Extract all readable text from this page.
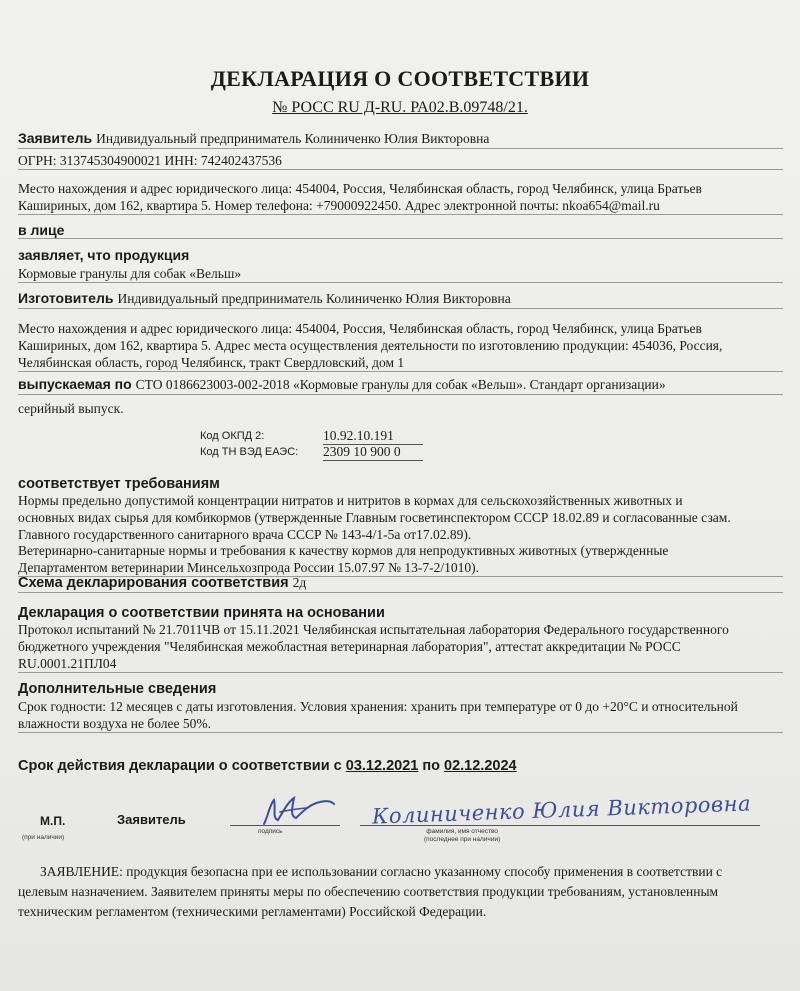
ДЕКЛАРАЦИЯ О СООТВЕТСТВИИ
№ РОСС RU Д-RU. РА02.В.09748/21.
Заявитель Индивидуальный предприниматель Колиниченко Юлия Викторовна
ОГРН: 313745304900021 ИНН: 742402437536
Место нахождения и адрес юридического лица: 454004, Россия, Челябинская область, город Челябинск, улица Братьев
Кашириных, дом 162, квартира 5. Номер телефона: +79000922450. Адрес электронной почты: nkoa654@mail.ru
в лице
заявляет, что продукция
Кормовые гранулы для собак «Вельш»
Изготовитель Индивидуальный предприниматель Колиниченко Юлия Викторовна
Место нахождения и адрес юридического лица: 454004, Россия, Челябинская область, город Челябинск, улица Братьев
Кашириных, дом 162, квартира 5. Адрес места осуществления деятельности по изготовлению продукции: 454036, Россия,
Челябинская область, город Челябинск, тракт Свердловский, дом 1
выпускаемая по СТО 0186623003-002-2018 «Кормовые гранулы для собак «Вельш». Стандарт организации»
серийный выпуск.
Код ОКПД 2:	10.92.10.191
Код ТН ВЭД ЕАЭС: 2309 10 900 0
соответствует требованиям
Нормы предельно допустимой концентрации нитратов и нитритов в кормах для сельскохозяйственных животных и
основных видах сырья для комбикормов (утвержденные Главным госветинспектором СССР 18.02.89 и согласованные сзам.
Главного государственного санитарного врача СССР № 143-4/1-5а от17.02.89).
Ветеринарно-санитарные нормы и требования к качеству кормов для непродуктивных животных (утвержденные
Департаментом ветеринарии Минсельхозпрода России 15.07.97 № 13-7-2/1010).
Схема декларирования соответствия 2д
Декларация о соответствии принята на основании
Протокол испытаний № 21.7011ЧВ от 15.11.2021 Челябинская испытательная лаборатория Федерального государственного
бюджетного учреждения "Челябинская межобластная ветеринарная лаборатория", аттестат аккредитации № РОСС
RU.0001.21ПЛ04
Дополнительные сведения
Срок годности: 12 месяцев с даты изготовления. Условия хранения: хранить при температуре от 0 до +20°С и относительной
влажности воздуха не более 50%.
Срок действия декларации о соответствии с 03.12.2021 по 02.12.2024
М.П.
(при наличии)
Заявитель
подпись
Колиниченко Юлия Викторовна
фамилия, имя отчество
(последнее при наличии)
ЗАЯВЛЕНИЕ: продукция безопасна при ее использовании согласно указанному способу применения в соответствии с
целевым назначением. Заявителем приняты меры по обеспечению соответствия продукции требованиям, установленным
техническим регламентом (техническими регламентами) Российской Федерации.
